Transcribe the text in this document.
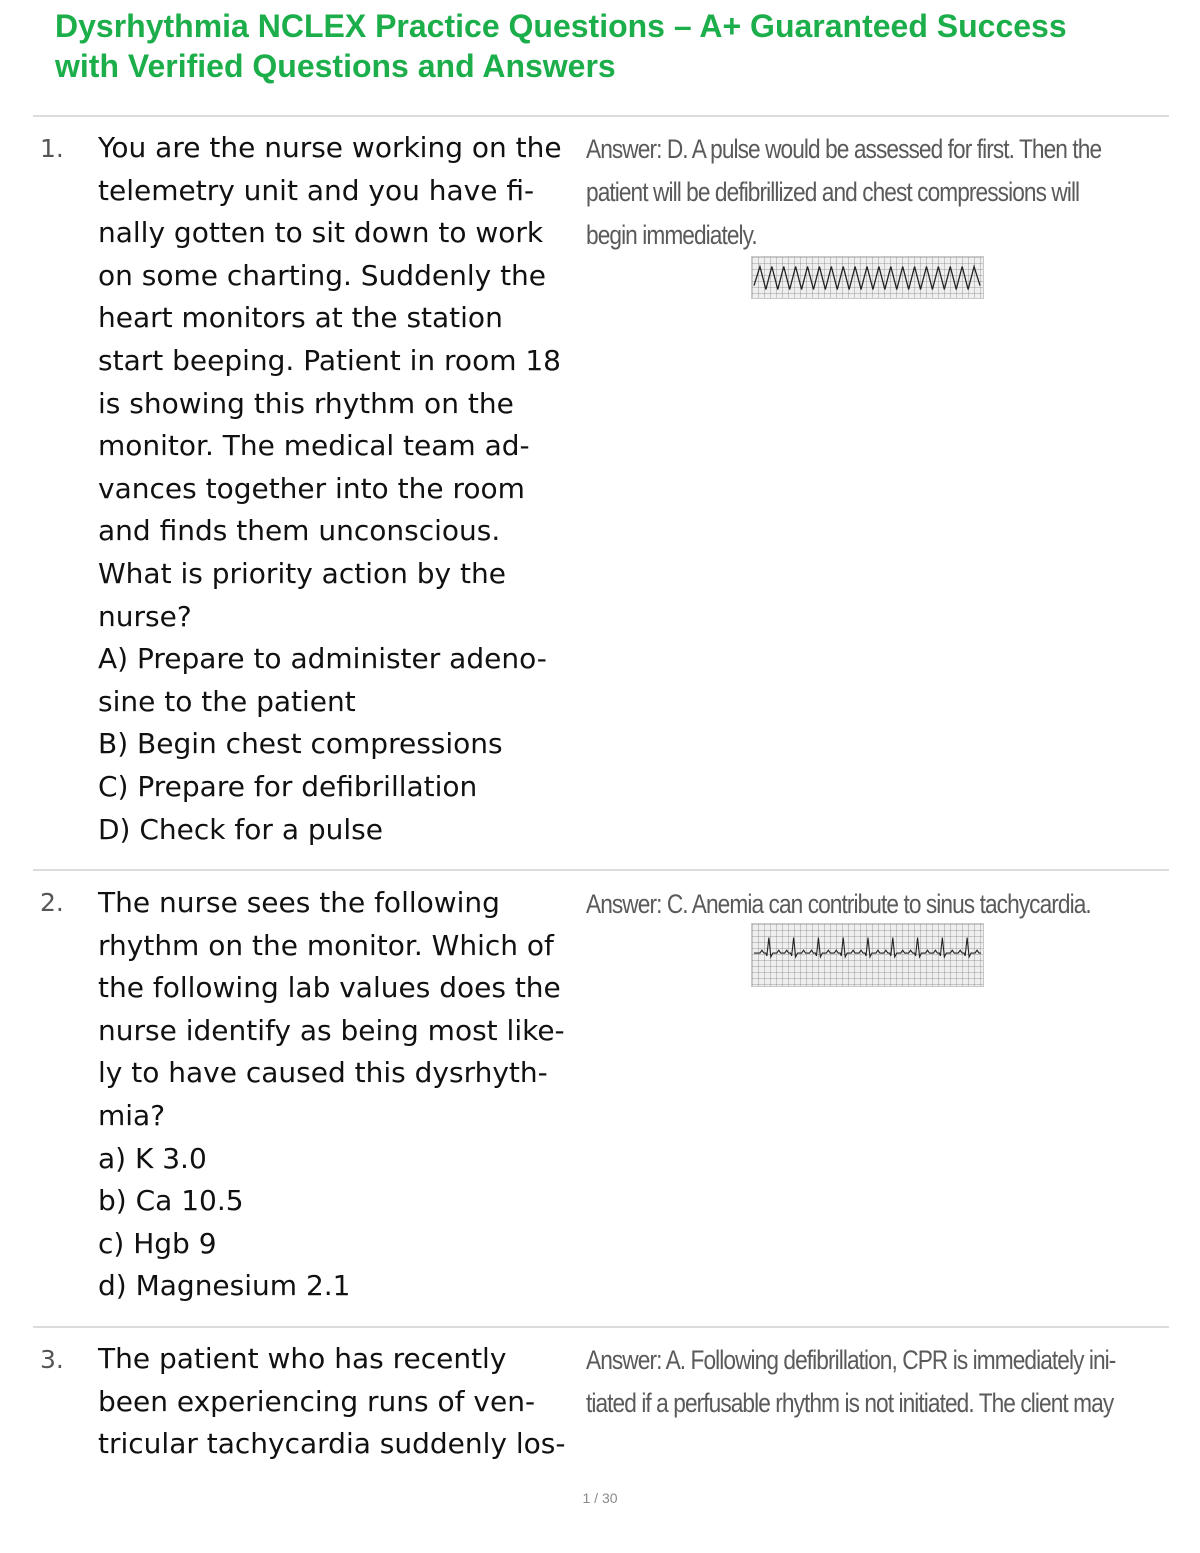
Dysrhythmia NCLEX Practice Questions – A+ Guaranteed Success
with Verified Questions and Answers
1. You are the nurse working on the
telemetry unit and you have fi-
nally gotten to sit down to work
on some charting. Suddenly the
heart monitors at the station
start beeping. Patient in room 18
is showing this rhythm on the
monitor. The medical team ad-
vances together into the room
and finds them unconscious.
What is priority action by the
nurse?
A) Prepare to administer adeno-
sine to the patient
B) Begin chest compressions
C) Prepare for defibrillation
D) Check for a pulse
Answer: D. A pulse would be assessed for first. Then the
patient will be defibrillized and chest compressions will
begin immediately.
2. The nurse sees the following
rhythm on the monitor. Which of
the following lab values does the
nurse identify as being most like-
ly to have caused this dysrhyth-
mia?
a) K 3.0
b) Ca 10.5
c) Hgb 9
d) Magnesium 2.1
Answer: C. Anemia can contribute to sinus tachycardia.
3. The patient who has recently
been experiencing runs of ven-
tricular tachycardia suddenly los-
Answer: A. Following defibrillation, CPR is immediately ini-
tiated if a perfusable rhythm is not initiated. The client may
1 / 30
